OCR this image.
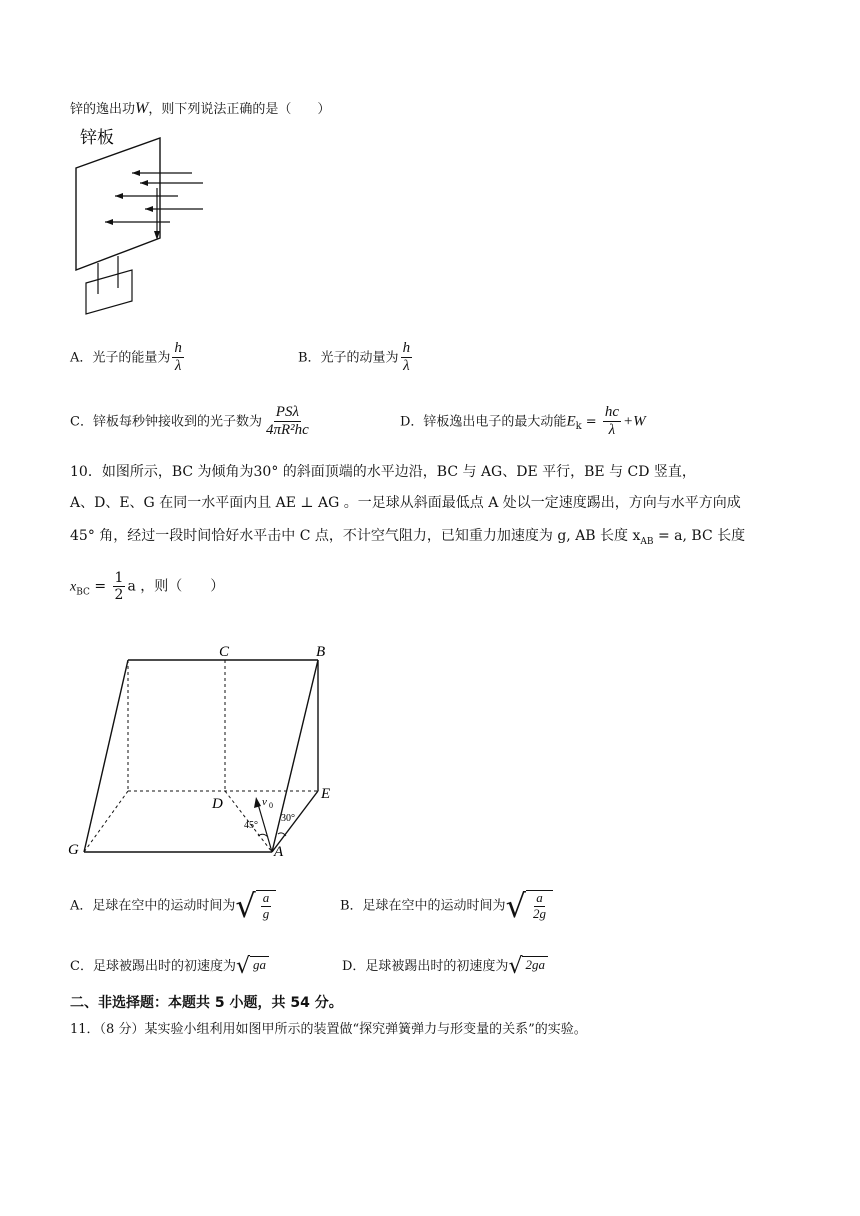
锌的逸出功W，则下列说法正确的是（　　）
锌板
A．光子的能量为 $\frac{h}{\lambda}$	B．光子的动量为 $\frac{h}{\lambda}$
C．锌板每秒钟接收到的光子数为 $\frac{\text{PSλ}}{\text{4πR²hc}}$	D．锌板逸出电子的最大动能$E_k = \frac{hc}{\lambda} +W$
10．如图所示，BC 为倾角为30° 的斜面顶端的水平边沿，BC 与 AG、DE 平行，BE 与 CD 竖直，
A、D、E、G 在同一水平面内且 AE ⊥ AG 。一足球从斜面最低点 A 处以一定速度踢出，方向与水平方向成
45° 角，经过一段时间恰好水平击中 C 点，不计空气阻力，已知重力加速度为 g, AB 长度 $x_{AB} = a$, BC 长度
$x_{BC} = \frac{1}{2}$ a ，则（　　）
C	B
D
E
G	A
v 0
45°
30°
A．足球在空中的运动时间为 √ $\frac{a}{g}$	B．足球在空中的运动时间为 √ $\frac{a}{2g}$
C．足球被踢出时的初速度为 √ ga	D．足球被踢出时的初速度为 √ 2ga
二、非选择题：本题共 5 小题，共 54 分。
11．（8 分）某实验小组利用如图甲所示的装置做“探究弹簧弹力与形变量的关系”的实验。
